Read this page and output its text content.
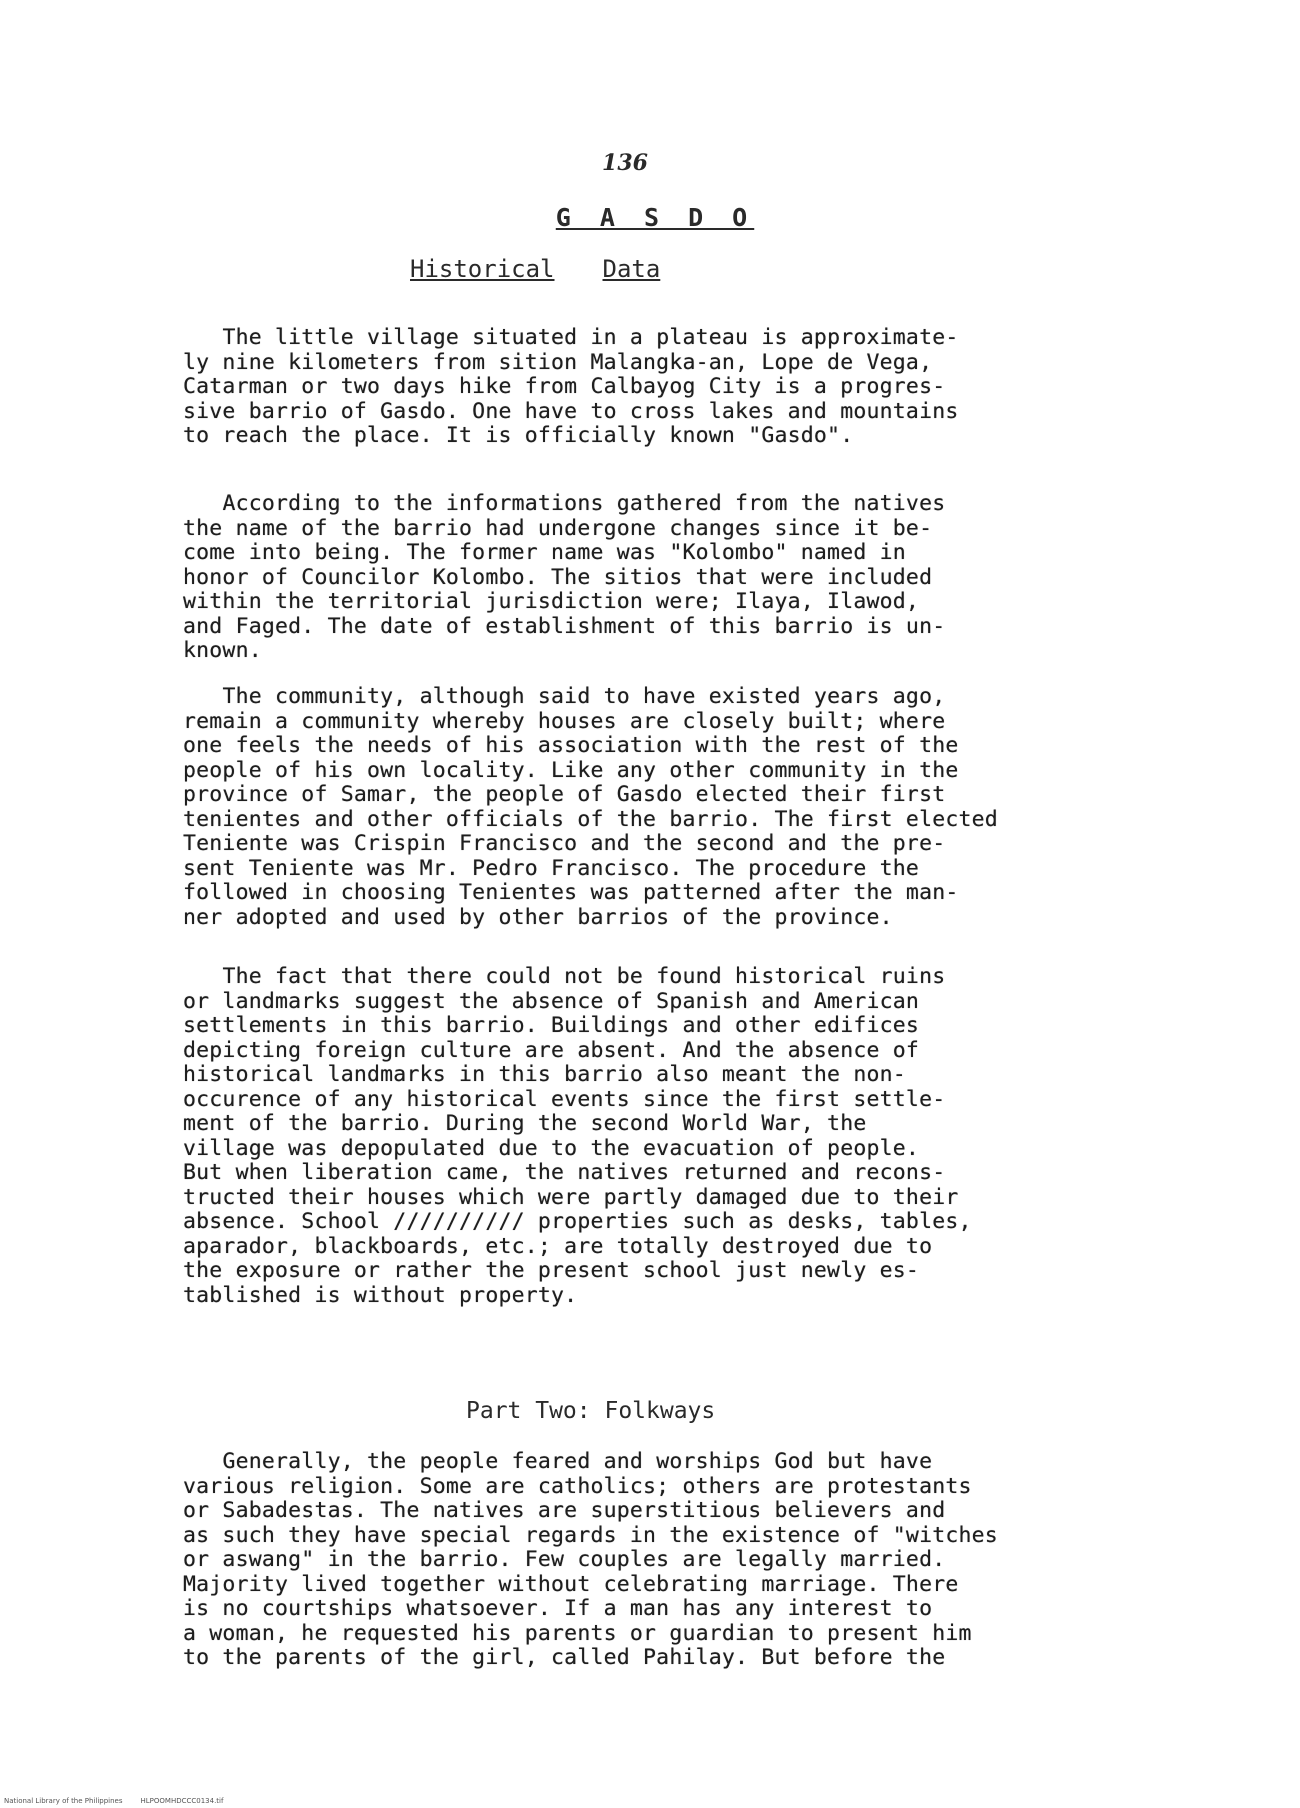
136
G A S D O
Historical Data
The little village situated in a plateau is approximate-
ly nine kilometers from sition Malangka-an, Lope de Vega,
Catarman or two days hike from Calbayog City is a progres-
sive barrio of Gasdo. One have to cross lakes and mountains
to reach the place. It is officially known "Gasdo".
According to the informations gathered from the natives
the name of the barrio had undergone changes since it be-
come into being. The former name was "Kolombo" named in
honor of Councilor Kolombo. The sitios that were included
within the territorial jurisdiction were; Ilaya, Ilawod,
and Faged. The date of establishment of this barrio is un-
known.
The community, although said to have existed years ago,
remain a community whereby houses are closely built; where
one feels the needs of his association with the rest of the
people of his own locality. Like any other community in the
province of Samar, the people of Gasdo elected their first
tenientes and other officials of the barrio. The first elected
Teniente was Crispin Francisco and the second and the pre-
sent Teniente was Mr. Pedro Francisco. The procedure the
followed in choosing Tenientes was patterned after the man-
ner adopted and used by other barrios of the province.
The fact that there could not be found historical ruins
or landmarks suggest the absence of Spanish and American
settlements in this barrio. Buildings and other edifices
depicting foreign culture are absent. And the absence of
historical landmarks in this barrio also meant the non-
occurence of any historical events since the first settle-
ment of the barrio. During the second World War, the
village was depopulated due to the evacuation of people.
But when liberation came, the natives returned and recons-
tructed their houses which were partly damaged due to their
absence. School ////////// properties such as desks, tables,
aparador, blackboards, etc.; are totally destroyed due to
the exposure or rather the present school just newly es-
tablished is without property.
Part Two: Folkways
Generally, the people feared and worships God but have
various religion. Some are catholics; others are protestants
or Sabadestas. The natives are superstitious believers and
as such they have special regards in the existence of "witches
or aswang" in the barrio. Few couples are legally married.
Majority lived together without celebrating marriage. There
is no courtships whatsoever. If a man has any interest to
a woman, he requested his parents or guardian to present him
to the parents of the girl, called Pahilay. But before the
National Library of the Philippines	HLPOOMHDCCC0134.tif
